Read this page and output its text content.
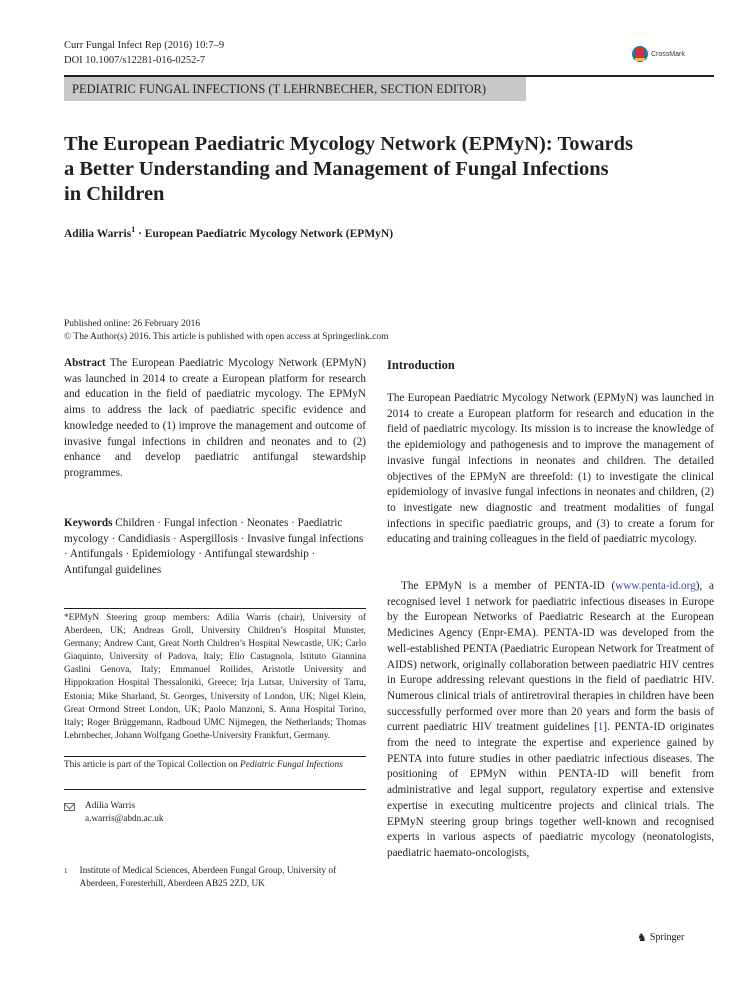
Curr Fungal Infect Rep (2016) 10:7–9
DOI 10.1007/s12281-016-0252-7
CrossMark
PEDIATRIC FUNGAL INFECTIONS (T LEHRNBECHER, SECTION EDITOR)
The European Paediatric Mycology Network (EPMyN): Towards
a Better Understanding and Management of Fungal Infections
in Children
Adilia Warris$^1$ · European Paediatric Mycology Network (EPMyN)
Published online: 26 February 2016
© The Author(s) 2016. This article is published with open access at Springerlink.com
Abstract The European Paediatric Mycology Network (EPMyN) was launched in 2014 to create a European platform for research and education in the field of paediatric mycology. The EPMyN aims to address the lack of paediatric specific evidence and knowledge needed to (1) improve the management and outcome of invasive fungal infections in children and neonates and to (2) enhance and develop paediatric antifungal stewardship programmes.
Keywords Children · Fungal infection · Neonates · Paediatric mycology · Candidiasis · Aspergillosis · Invasive fungal infections · Antifungals · Epidemiology · Antifungal stewardship · Antifungal guidelines
*EPMyN Steering group members: Adilia Warris (chair), University of Aberdeen, UK; Andreas Groll, University Children’s Hospital Munster, Germany; Andrew Cant, Great North Children’s Hospital Newcastle, UK; Carlo Giaquinto, University of Padova, Italy; Elio Castagnola, Istituto Giannina Gaslini Genova, Italy; Emmanuel Roilides, Aristotle University and Hippokration Hospital Thessaloniki, Greece; Irja Lutsar, University of Tartu, Estonia; Mike Sharland, St. Georges, University of London, UK; Nigel Klein, Great Ormond Street London, UK; Paolo Manzoni, S. Anna Hospital Torino, Italy; Roger Brüggemann, Radboud UMC Nijmegen, the Netherlands; Thomas Lehrnbecher, Johann Wolfgang Goethe-University Frankfurt, Germany.
This article is part of the Topical Collection on Pediatric Fungal Infections
Adilia Warris
a.warris@abdn.ac.uk
1 Institute of Medical Sciences, Aberdeen Fungal Group, University of Aberdeen, Foresterhill, Aberdeen AB25 2ZD, UK
Introduction
The European Paediatric Mycology Network (EPMyN) was launched in 2014 to create a European platform for research and education in the field of paediatric mycology. Its mission is to increase the knowledge of the epidemiology and pathogenesis and to improve the management of invasive fungal infections in neonates and children. The detailed objectives of the EPMyN are threefold: (1) to investigate the clinical epidemiology of invasive fungal infections in neonates and children, (2) to investigate new diagnostic and treatment modalities of fungal infections in specific paediatric groups, and (3) to create a forum for educating and training colleagues in the field of paediatric mycology.
The EPMyN is a member of PENTA-ID (www.penta-id.org), a recognised level 1 network for paediatric infectious diseases in Europe by the European Networks of Paediatric Research at the European Medicines Agency (Enpr-EMA). PENTA-ID was developed from the well-established PENTA (Paediatric European Network for Treatment of AIDS) network, originally collaboration between paediatric HIV centres in Europe addressing relevant questions in the field of paediatric HIV. Numerous clinical trials of antiretroviral therapies in children have been successfully performed over more than 20 years and form the basis of current paediatric HIV treatment guidelines [1]. PENTA-ID originates from the need to integrate the expertise and experience gained by PENTA into future studies in other paediatric infectious diseases. The positioning of EPMyN within PENTA-ID will benefit from administrative and legal support, regulatory expertise and extensive expertise in executing multicentre projects and clinical trials. The EPMyN steering group brings together well-known and recognised experts in various aspects of paediatric mycology (neonatologists, paediatric haemato-oncologists,
♞ Springer
